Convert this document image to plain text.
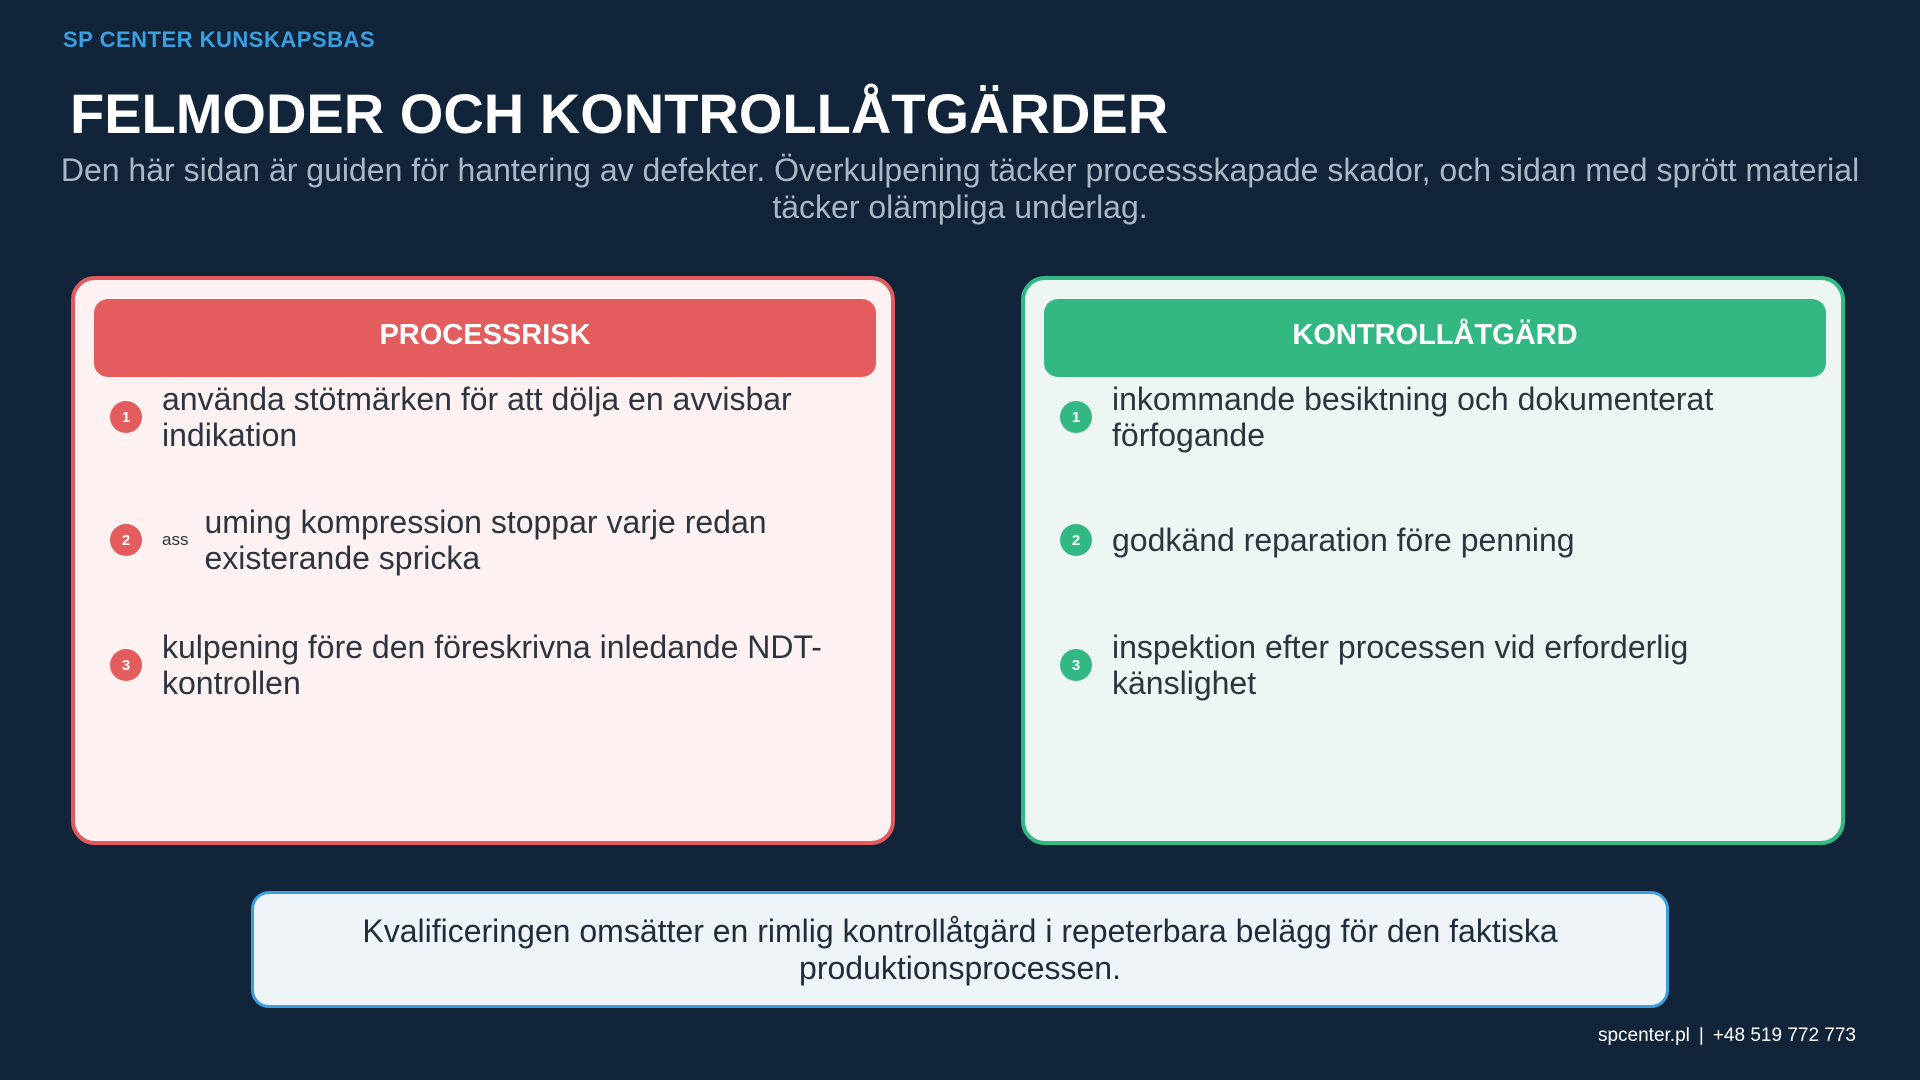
SP CENTER KUNSKAPSBAS
FELMODER OCH KONTROLLÅTGÄRDER

Den här sidan är guiden för hantering av defekter. Överkulpening täcker processskapade skador, och sidan med sprött material täcker olämpliga underlag.

PROCESSRISK
1 använda stötmärken för att dölja en avvisbar indikation
2	ass uming kompression stoppar varje redan existerande spricka
3 kulpening före den föreskrivna inledande NDT-kontrollen
KONTROLLÅTGÄRD
1 inkommande besiktning och dokumenterat förfogande
2 godkänd reparation före penning
3 inspektion efter processen vid erforderlig känslighet
Kvalificeringen omsätter en rimlig kontrollåtgärd i repeterbara belägg för den faktiska produktionsprocessen.
spcenter.pl | +48 519 772 773
